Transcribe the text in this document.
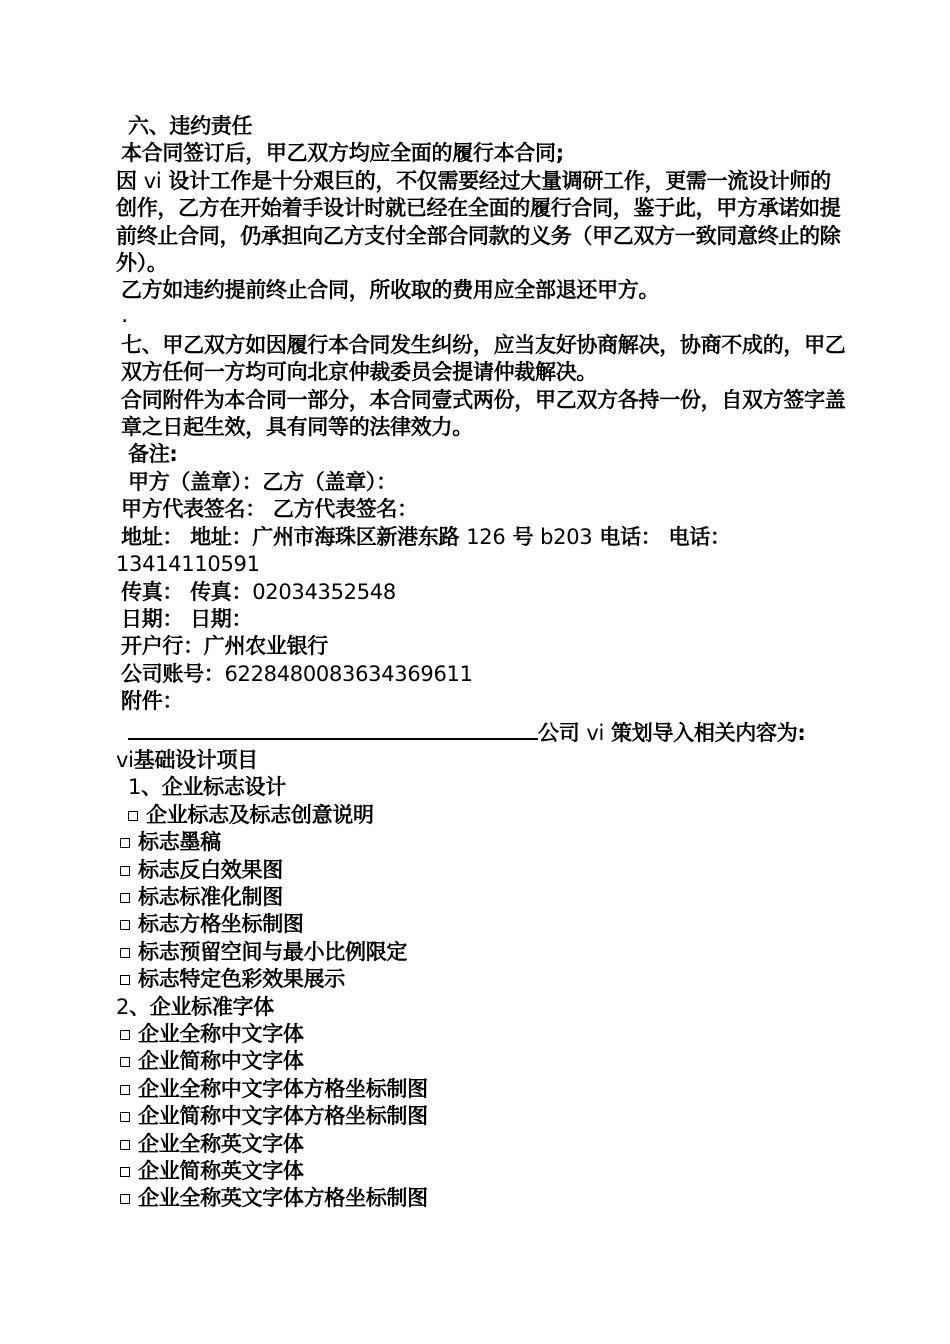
六、违约责任
本合同签订后，甲乙双方均应全面的履行本合同;
因 vi 设计工作是十分艰巨的，不仅需要经过大量调研工作，更需一流设计师的创作，乙方在开始着手设计时就已经在全面的履行合同，鉴于此，甲方承诺如提前终止合同，仍承担向乙方支付全部合同款的义务（甲乙双方一致同意终止的除外）。
乙方如违约提前终止合同，所收取的费用应全部退还甲方。
.
七、甲乙双方如因履行本合同发生纠纷，应当友好协商解决，协商不成的，甲乙双方任何一方均可向北京仲裁委员会提请仲裁解决。
合同附件为本合同一部分，本合同壹式两份，甲乙双方各持一份，自双方签字盖章之日起生效，具有同等的法律效力。
备注:
甲方（盖章）：乙方（盖章）：
甲方代表签名： 乙方代表签名：
地址： 地址：广州市海珠区新港东路 126 号 b203 电话： 电话：
13414110591
传真： 传真：02034352548
日期： 日期：
开户行：广州农业银行
公司账号：6228480083634369611
附件：
公司 vi 策划导入相关内容为:
vi基础设计项目
1、企业标志设计
企业标志及标志创意说明
标志墨稿
标志反白效果图
标志标准化制图
标志方格坐标制图
标志预留空间与最小比例限定
标志特定色彩效果展示
2、企业标准字体
企业全称中文字体
企业简称中文字体
企业全称中文字体方格坐标制图
企业简称中文字体方格坐标制图
企业全称英文字体
企业简称英文字体
企业全称英文字体方格坐标制图
